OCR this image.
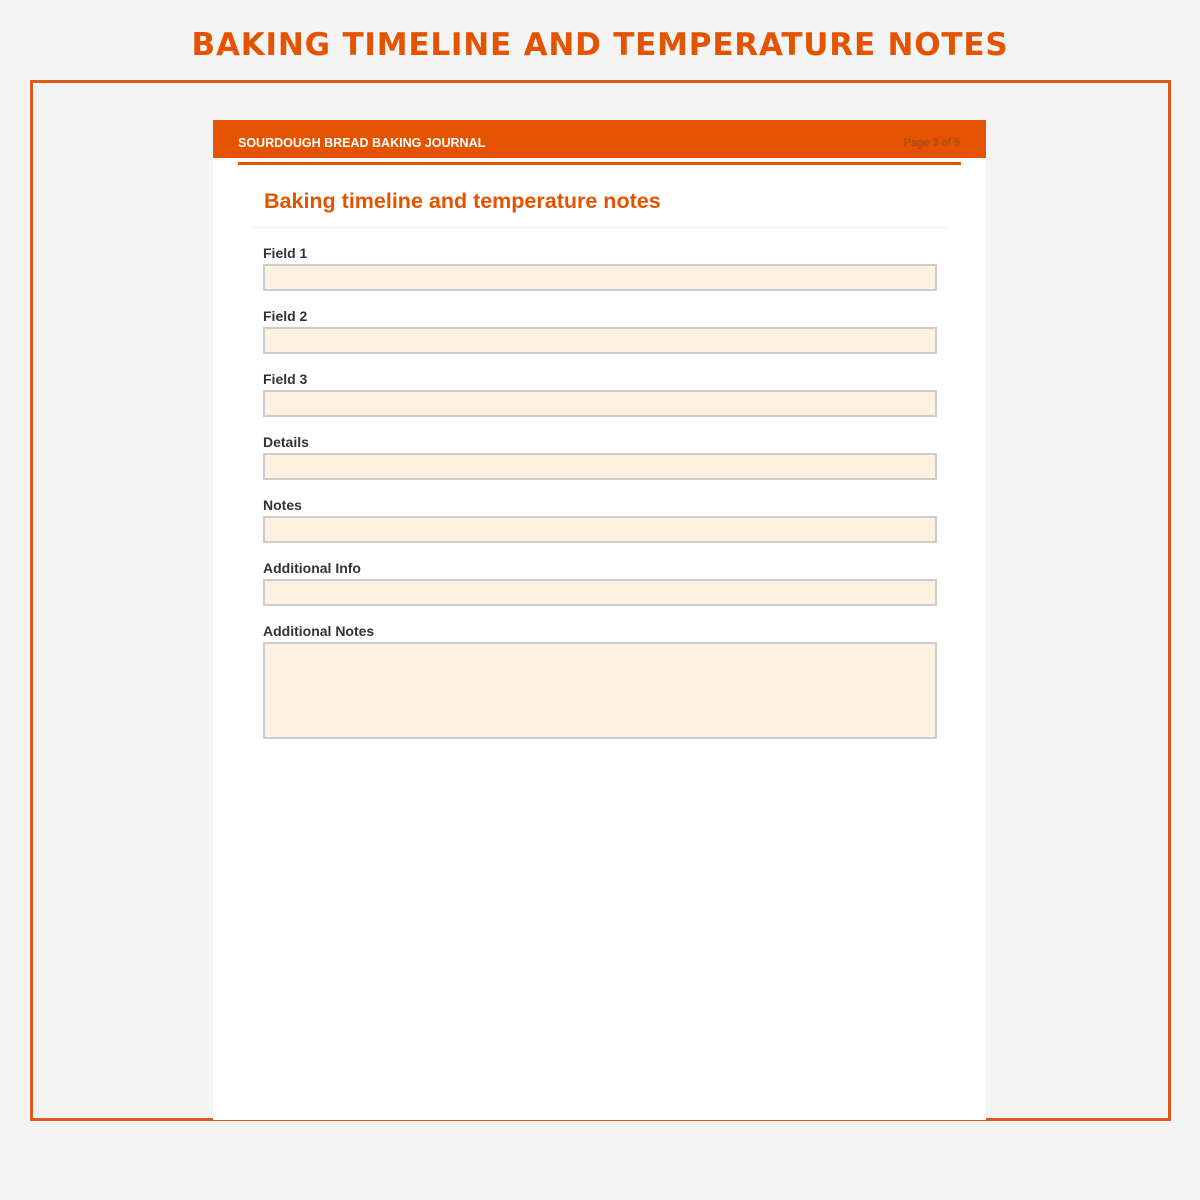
BAKING TIMELINE AND TEMPERATURE NOTES
SOURDOUGH BREAD BAKING JOURNAL	Page 3 of 5
Baking timeline and temperature notes
Field 1
Field 2
Field 3
Details
Notes
Additional Info
Additional Notes
